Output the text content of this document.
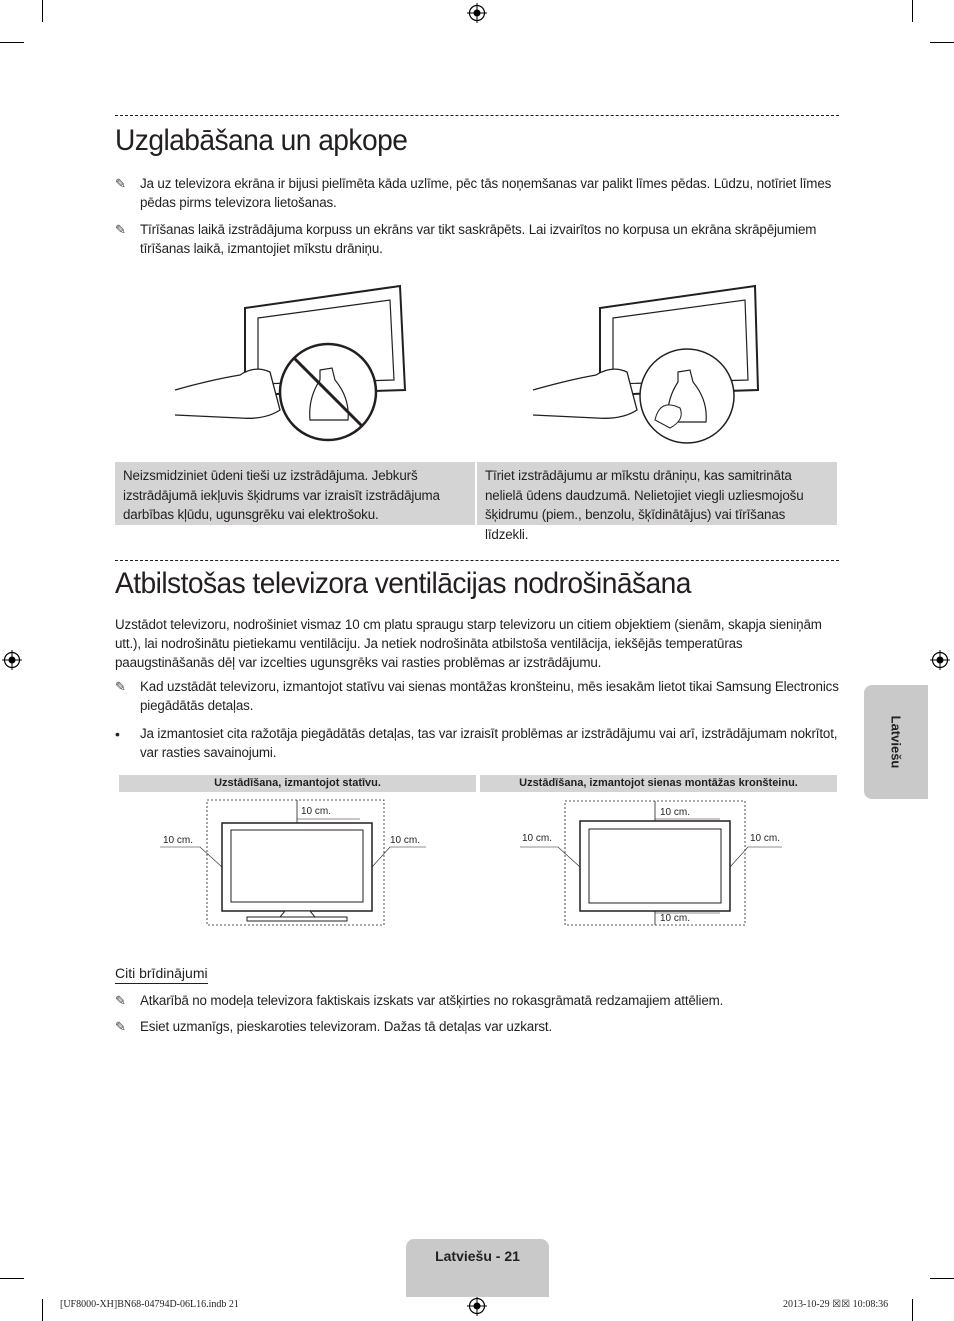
Uzglabāšana un apkope
✎	Ja uz televizora ekrāna ir bijusi pielīmēta kāda uzlīme, pēc tās noņemšanas var palikt līmes pēdas. Lūdzu, notīriet līmes pēdas pirms televizora lietošanas.
✎	Tīrīšanas laikā izstrādājuma korpuss un ekrāns var tikt saskrāpēts. Lai izvairītos no korpusa un ekrāna skrāpējumiem tīrīšanas laikā, izmantojiet mīkstu drāniņu.
Neizsmidziniet ūdeni tieši uz izstrādājuma. Jebkurš izstrādājumā iekļuvis šķidrums var izraisīt izstrādājuma darbības kļūdu, ugunsgrēku vai elektrošoku.
Tīriet izstrādājumu ar mīkstu drāniņu, kas samitrināta nelielā ūdens daudzumā. Nelietojiet viegli uzliesmojošu šķidrumu (piem., benzolu, šķīdinātājus) vai tīrīšanas līdzekli.
Atbilstošas televizora ventilācijas nodrošināšana
Uzstādot televizoru, nodrošiniet vismaz 10 cm platu spraugu starp televizoru un citiem objektiem (sienām, skapja sieniņām utt.), lai nodrošinātu pietiekamu ventilāciju. Ja netiek nodrošināta atbilstoša ventilācija, iekšējās temperatūras paaugstināšanās dēļ var izcelties ugunsgrēks vai rasties problēmas ar izstrādājumu.
✎	Kad uzstādāt televizoru, izmantojot statīvu vai sienas montāžas kronšteinu, mēs iesakām lietot tikai Samsung Electronics piegādātās detaļas.
•	Ja izmantosiet cita ražotāja piegādātās detaļas, tas var izraisīt problēmas ar izstrādājumu vai arī, izstrādājumam nokrītot, var rasties savainojumi.
Uzstādīšana, izmantojot statīvu.	Uzstādīšana, izmantojot sienas montāžas kronšteinu.
10 cm.
10 cm.	10 cm.
10 cm.
10 cm.	10 cm.
10 cm.
Citi brīdinājumi
✎	Atkarībā no modeļa televizora faktiskais izskats var atšķirties no rokasgrāmatā redzamajiem attēliem.
✎	Esiet uzmanīgs, pieskaroties televizoram. Dažas tā detaļas var uzkarst.
Latviešu
Latviešu - 21
[UF8000-XH]BN68-04794D-06L16.indb 21	2013-10-29 ☒☒ 10:08:36
